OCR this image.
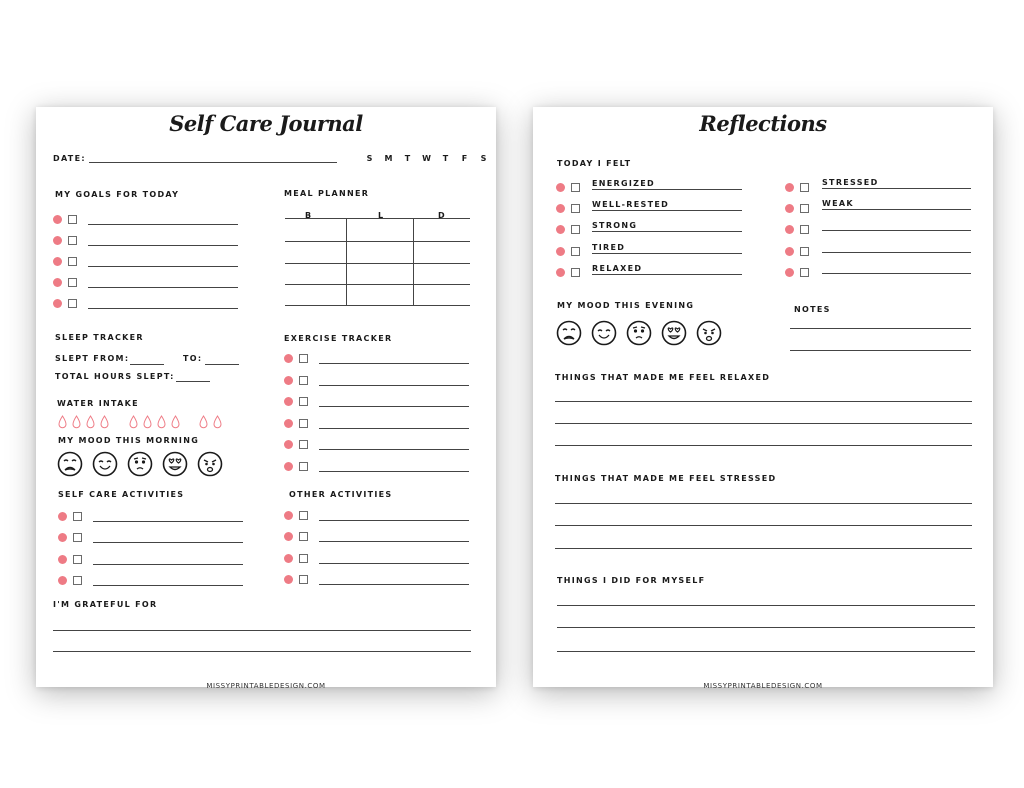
Self Care Journal
DATE:	S M T W T F S
MY GOALS FOR TODAY	MEAL PLANNER
B	L	D
SLEEP TRACKER
SLEPT FROM:	TO:
TOTAL HOURS SLEPT:
WATER INTAKE
MY MOOD THIS MORNING
EXERCISE TRACKER
SELF CARE ACTIVITIES	OTHER ACTIVITIES
I'M GRATEFUL FOR
MISSYPRINTABLEDESIGN.COM
Reflections
TODAY I FELT
ENERGIZED
WELL-RESTED
STRONG
TIRED
RELAXED
STRESSED
WEAK
MY MOOD THIS EVENING	NOTES
THINGS THAT MADE ME FEEL RELAXED
THINGS THAT MADE ME FEEL STRESSED
THINGS I DID FOR MYSELF
MISSYPRINTABLEDESIGN.COM
